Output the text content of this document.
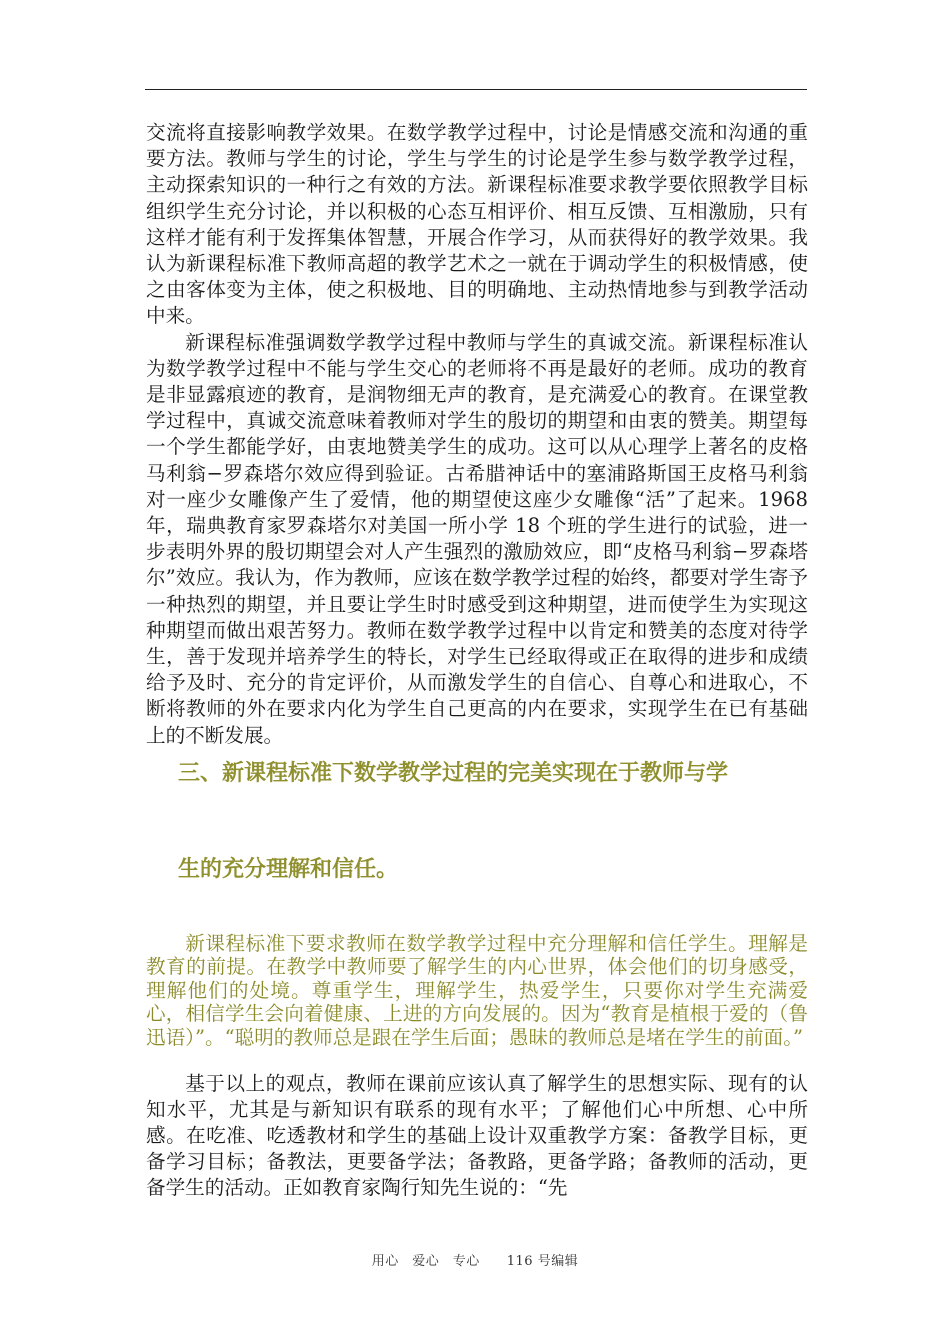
交流将直接影响教学效果。在数学教学过程中，讨论是情感交流和沟通的重要方法。教师与学生的讨论，学生与学生的讨论是学生参与数学教学过程，主动探索知识的一种行之有效的方法。新课程标准要求教学要依照教学目标组织学生充分讨论，并以积极的心态互相评价、相互反馈、互相激励，只有这样才能有利于发挥集体智慧，开展合作学习，从而获得好的教学效果。我认为新课程标准下教师高超的教学艺术之一就在于调动学生的积极情感，使之由客体变为主体，使之积极地、目的明确地、主动热情地参与到教学活动中来。

新课程标准强调数学教学过程中教师与学生的真诚交流。新课程标准认为数学教学过程中不能与学生交心的老师将不再是最好的老师。成功的教育是非显露痕迹的教育，是润物细无声的教育，是充满爱心的教育。在课堂教学过程中，真诚交流意味着教师对学生的殷切的期望和由衷的赞美。期望每一个学生都能学好，由衷地赞美学生的成功。这可以从心理学上著名的皮格马利翁−罗森塔尔效应得到验证。古希腊神话中的塞浦路斯国王皮格马利翁对一座少女雕像产生了爱情，他的期望使这座少女雕像“活”了起来。1968 年，瑞典教育家罗森塔尔对美国一所小学 18 个班的学生进行的试验，进一步表明外界的殷切期望会对人产生强烈的激励效应，即“皮格马利翁−罗森塔尔”效应。我认为，作为教师，应该在数学教学过程的始终，都要对学生寄予一种热烈的期望，并且要让学生时时感受到这种期望，进而使学生为实现这种期望而做出艰苦努力。教师在数学教学过程中以肯定和赞美的态度对待学生，善于发现并培养学生的特长，对学生已经取得或正在取得的进步和成绩给予及时、充分的肯定评价，从而激发学生的自信心、自尊心和进取心，不断将教师的外在要求内化为学生自己更高的内在要求，实现学生在已有基础上的不断发展。

三、新课程标准下数学教学过程的完美实现在于教师与学
生的充分理解和信任。

新课程标准下要求教师在数学教学过程中充分理解和信任学生。理解是教育的前提。在教学中教师要了解学生的内心世界，体会他们的切身感受，理解他们的处境。尊重学生，理解学生，热爱学生，只要你对学生充满爱心，相信学生会向着健康、上进的方向发展的。因为“教育是植根于爱的（鲁迅语）”。“聪明的教师总是跟在学生后面；愚昧的教师总是堵在学生的前面。”

基于以上的观点，教师在课前应该认真了解学生的思想实际、现有的认知水平，尤其是与新知识有联系的现有水平；了解他们心中所想、心中所感。在吃准、吃透教材和学生的基础上设计双重教学方案：备教学目标，更备学习目标；备教法，更要备学法；备教路，更备学路；备教师的活动，更备学生的活动。正如教育家陶行知先生说的：“先

用心　爱心　专心　　116 号编辑
